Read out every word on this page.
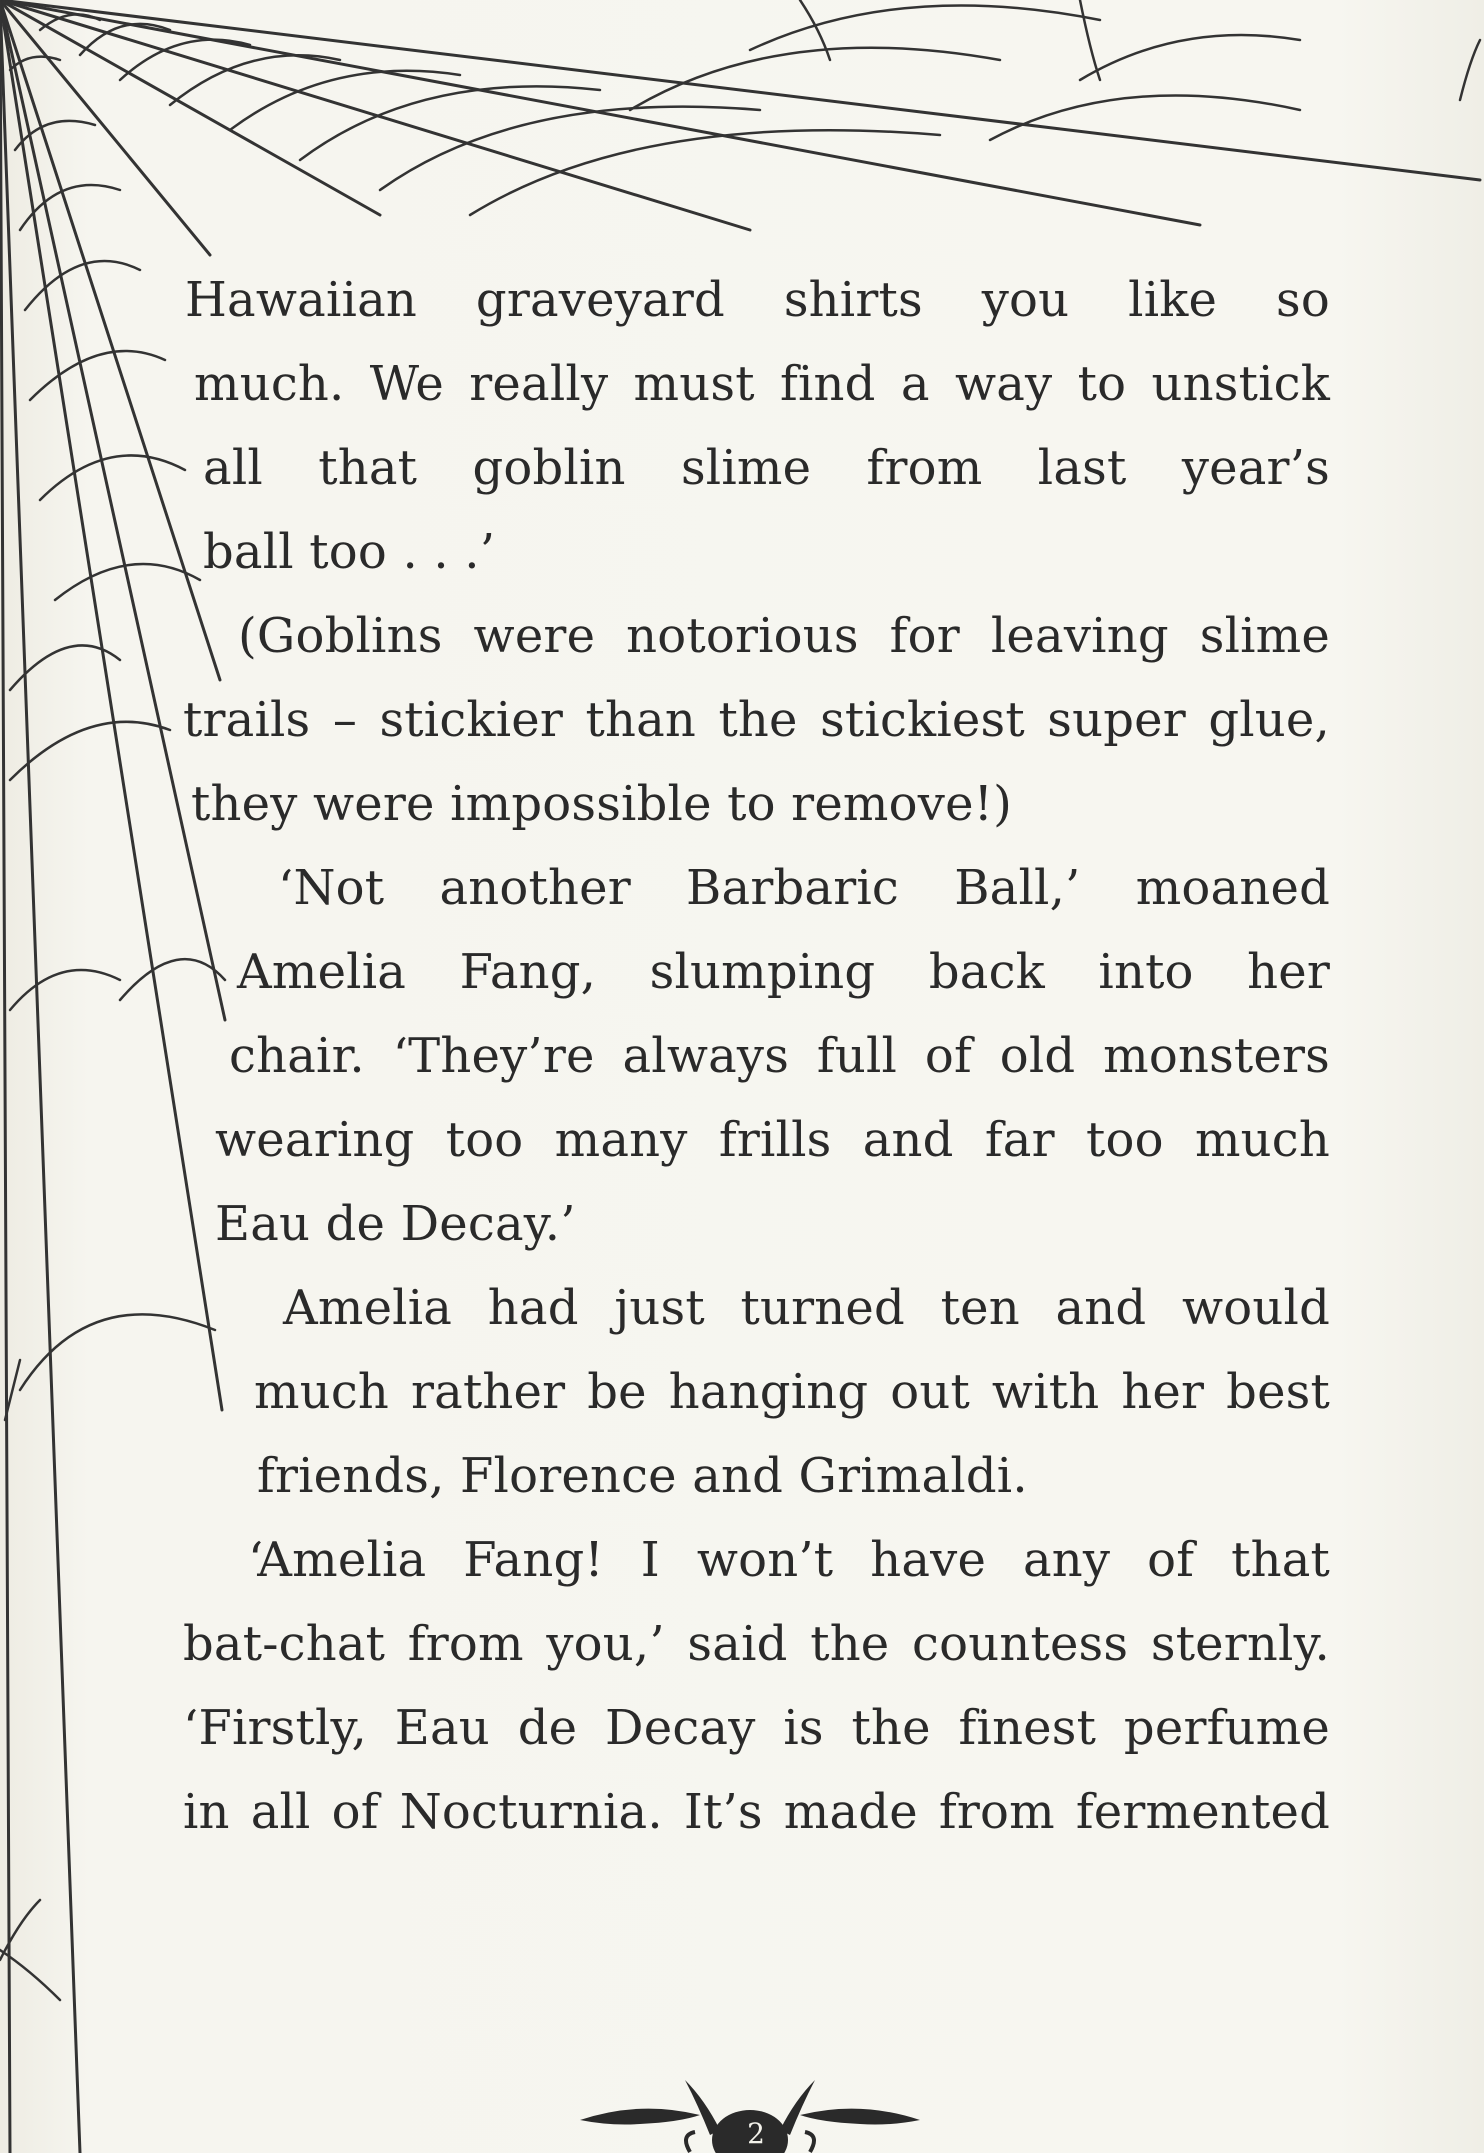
Hawaiian graveyard shirts you like so
much. We really must find a way to unstick
all that goblin slime from last year’s
ball too . . .’
(Goblins were notorious for leaving slime
trails – stickier than the stickiest super glue,
they were impossible to remove!)
‘Not another Barbaric Ball,’ moaned
Amelia Fang, slumping back into her
chair. ‘They’re always full of old monsters
wearing too many frills and far too much
Eau de Decay.’
Amelia had just turned ten and would
much rather be hanging out with her best
friends, Florence and Grimaldi.
‘Amelia Fang! I won’t have any of that
bat-chat from you,’ said the countess sternly.
‘Firstly, Eau de Decay is the finest perfume
in all of Nocturnia. It’s made from fermented
2
